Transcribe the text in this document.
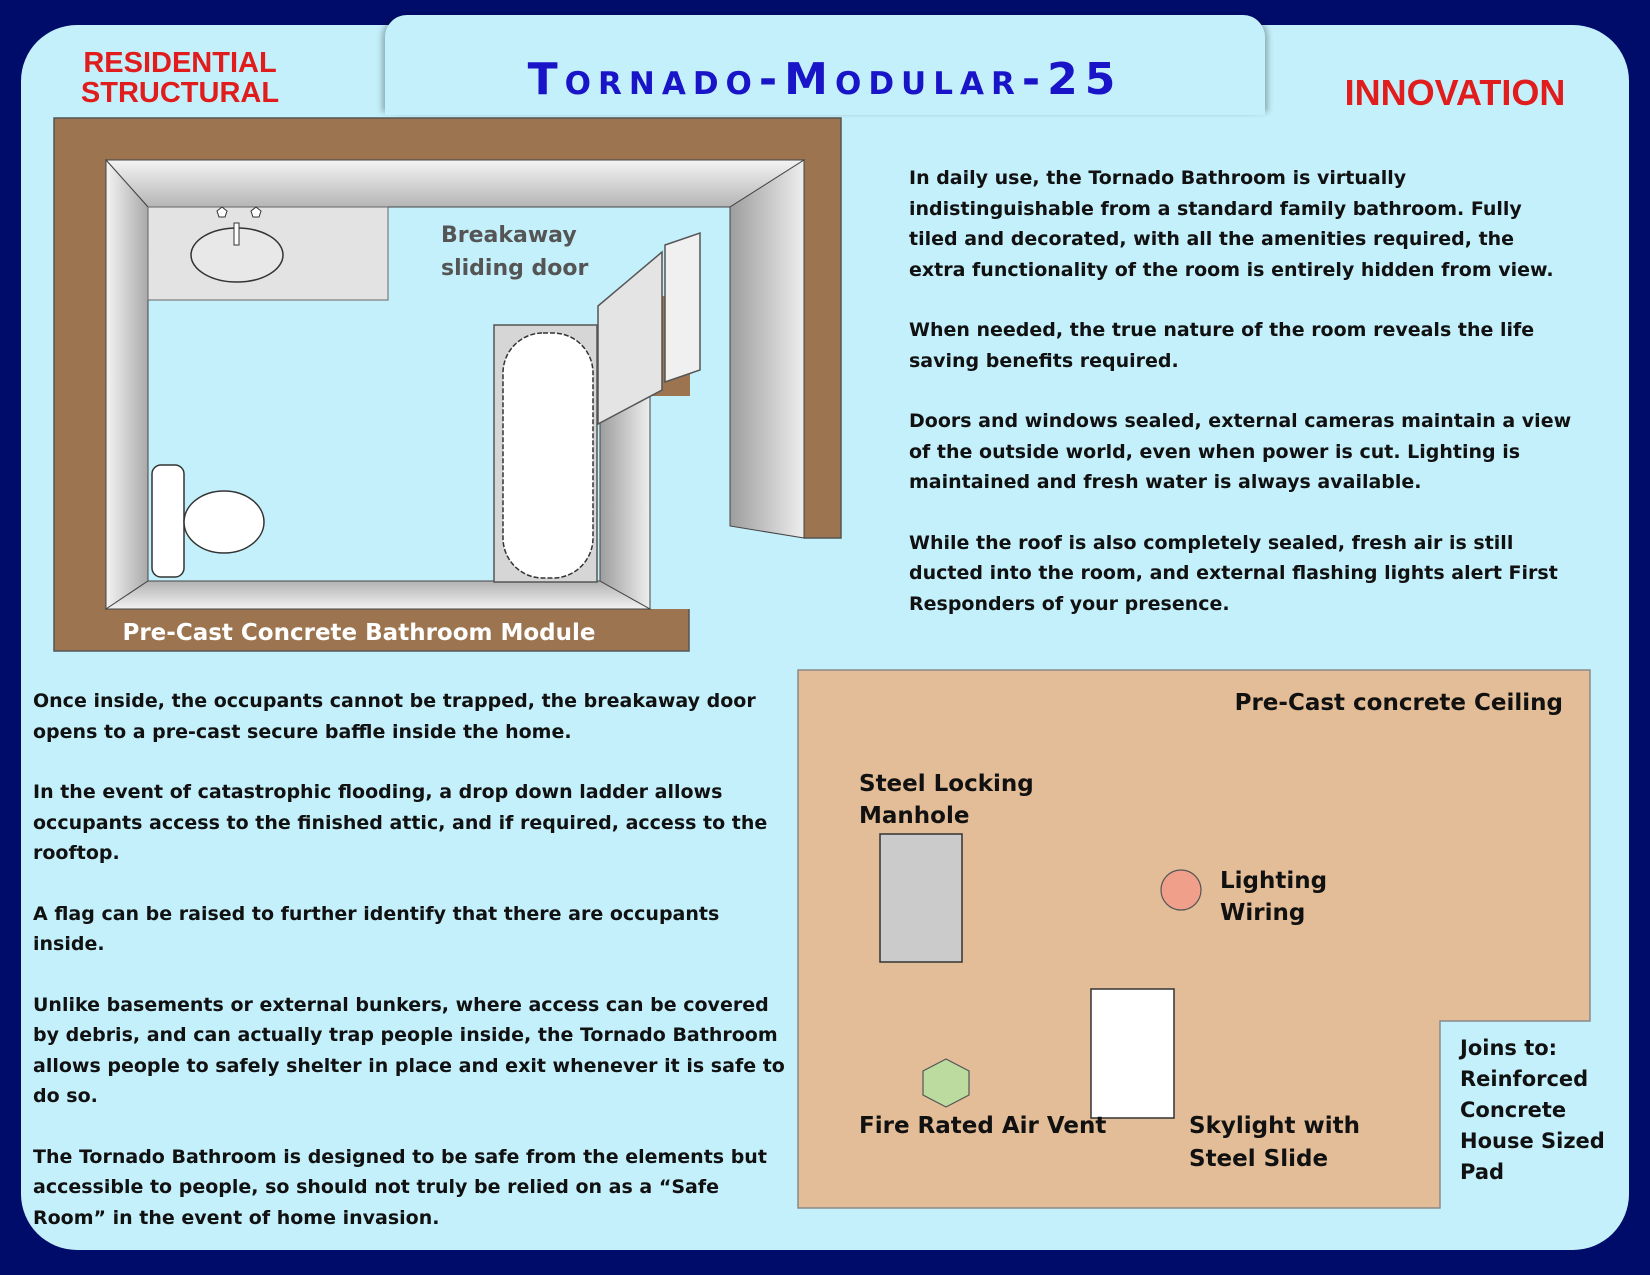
RESIDENTIAL STRUCTURAL	Tornado-Modular-25	INNOVATION
Breakaway
sliding door
Pre-Cast Concrete Bathroom Module
Pre-Cast concrete Ceiling
Steel Locking
Manhole
Lighting
Wiring
Fire Rated Air Vent	Skylight with
Steel Slide
Joins to:
Reinforced
Concrete
House Sized
Pad

In daily use, the Tornado Bathroom is virtually indistinguishable from a standard family bathroom. Fully tiled and decorated, with all the amenities required, the extra functionality of the room is entirely hidden from view.

When needed, the true nature of the room reveals the life saving benefits required.

Doors and windows sealed, external cameras maintain a view of the outside world, even when power is cut. Lighting is maintained and fresh water is always available.

While the roof is also completely sealed, fresh air is still ducted into the room, and external flashing lights alert First Responders of your presence.

Once inside, the occupants cannot be trapped, the breakaway door opens to a pre-cast secure baffle inside the home.

In the event of catastrophic flooding, a drop down ladder allows occupants access to the finished attic, and if required, access to the rooftop.

A flag can be raised to further identify that there are occupants inside.

Unlike basements or external bunkers, where access can be covered by debris, and can actually trap people inside, the Tornado Bathroom allows people to safely shelter in place and exit whenever it is safe to do so.

The Tornado Bathroom is designed to be safe from the elements but accessible to people, so should not truly be relied on as a “Safe Room” in the event of home invasion.
